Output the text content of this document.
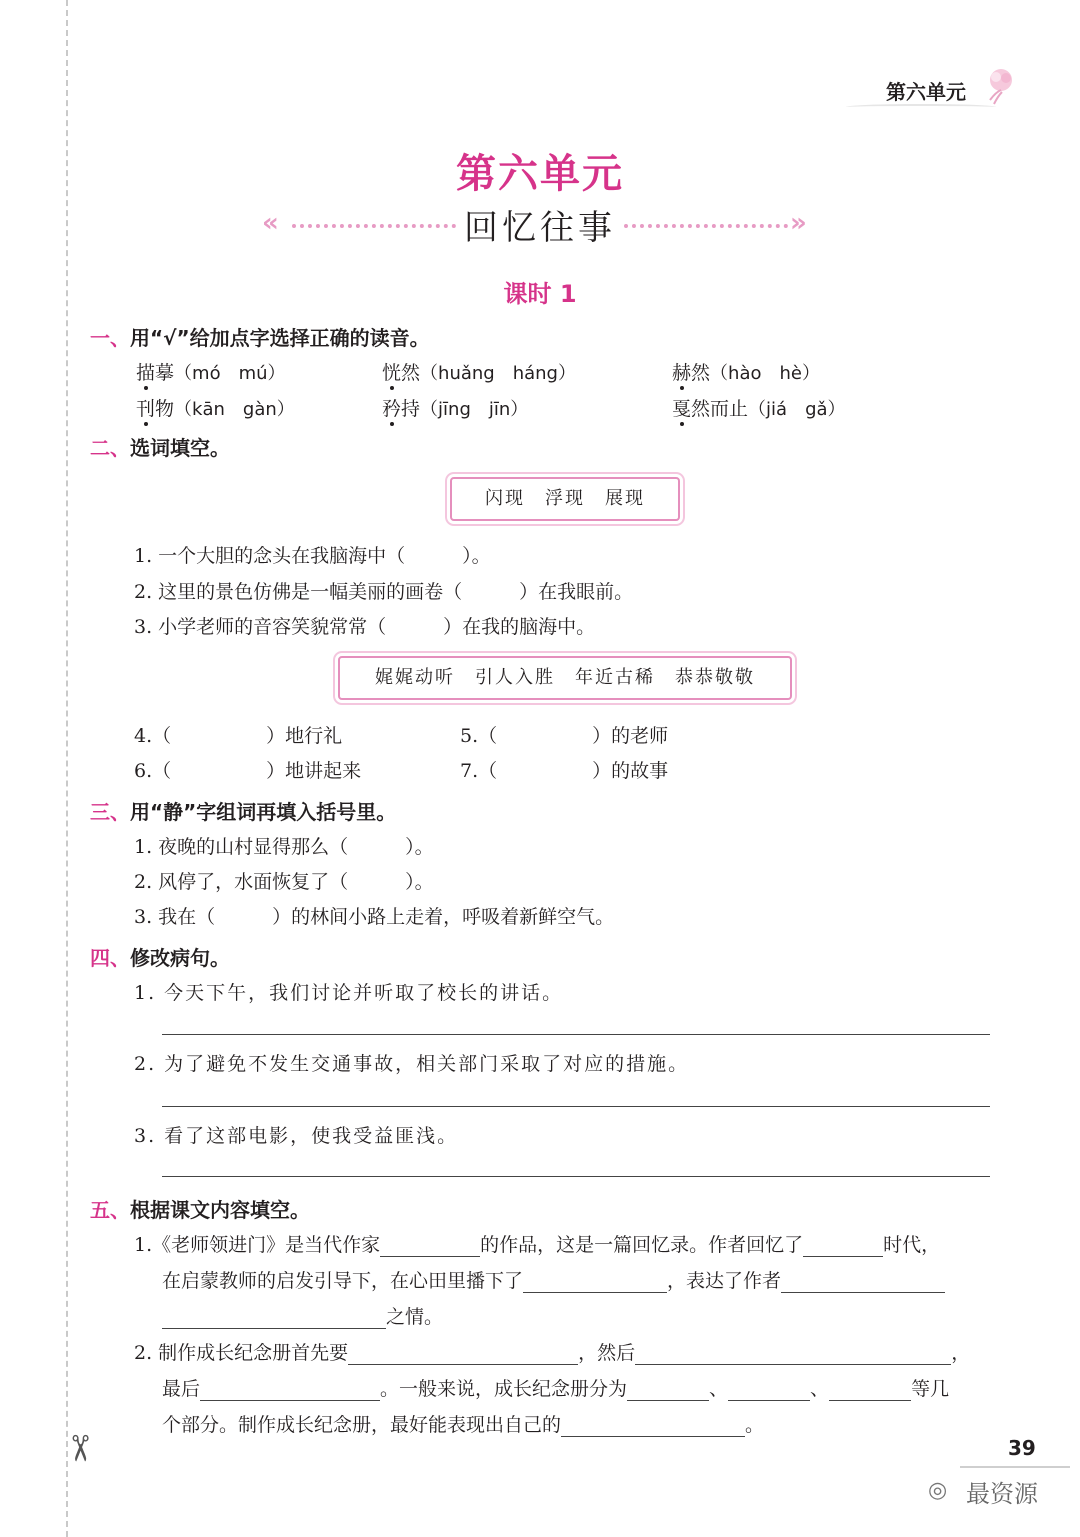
第六单元
第六单元
«	回忆往事	»
课时 1
一、用“√”给加点字选择正确的读音。
描摹（mó　mú）	恍然（huǎng　háng）	赫然（hào　hè）
刊物（kān　gàn）	矜持（jīng　jīn）	戛然而止（jiá　gǎ）
二、选词填空。
闪现　浮现　展现
1. 一个大胆的念头在我脑海中（　　　）。
2. 这里的景色仿佛是一幅美丽的画卷（　　　）在我眼前。
3. 小学老师的音容笑貌常常（　　　）在我的脑海中。
娓娓动听　引人入胜　年近古稀　恭恭敬敬
4.（　　　　　）地行礼	5.（　　　　　）的老师
6.（　　　　　）地讲起来	7.（　　　　　）的故事
三、用“静”字组词再填入括号里。
1. 夜晚的山村显得那么（　　　）。
2. 风停了，水面恢复了（　　　）。
3. 我在（　　　）的林间小路上走着，呼吸着新鲜空气。
四、修改病句。
1. 今天下午，我们讨论并听取了校长的讲话。
2. 为了避免不发生交通事故，相关部门采取了对应的措施。
3. 看了这部电影，使我受益匪浅。
五、根据课文内容填空。
1.《老师领进门》是当代作家	的作品，这是一篇回忆录。作者回忆了	时代，
在启蒙教师的启发引导下，在心田里播下了	，表达了作者
之情。
2. 制作成长纪念册首先要	，然后	，
最后	。一般来说，成长纪念册分为	、	、	等几
个部分。制作成长纪念册，最好能表现出自己的	。
✂	39
◎ 最资源
